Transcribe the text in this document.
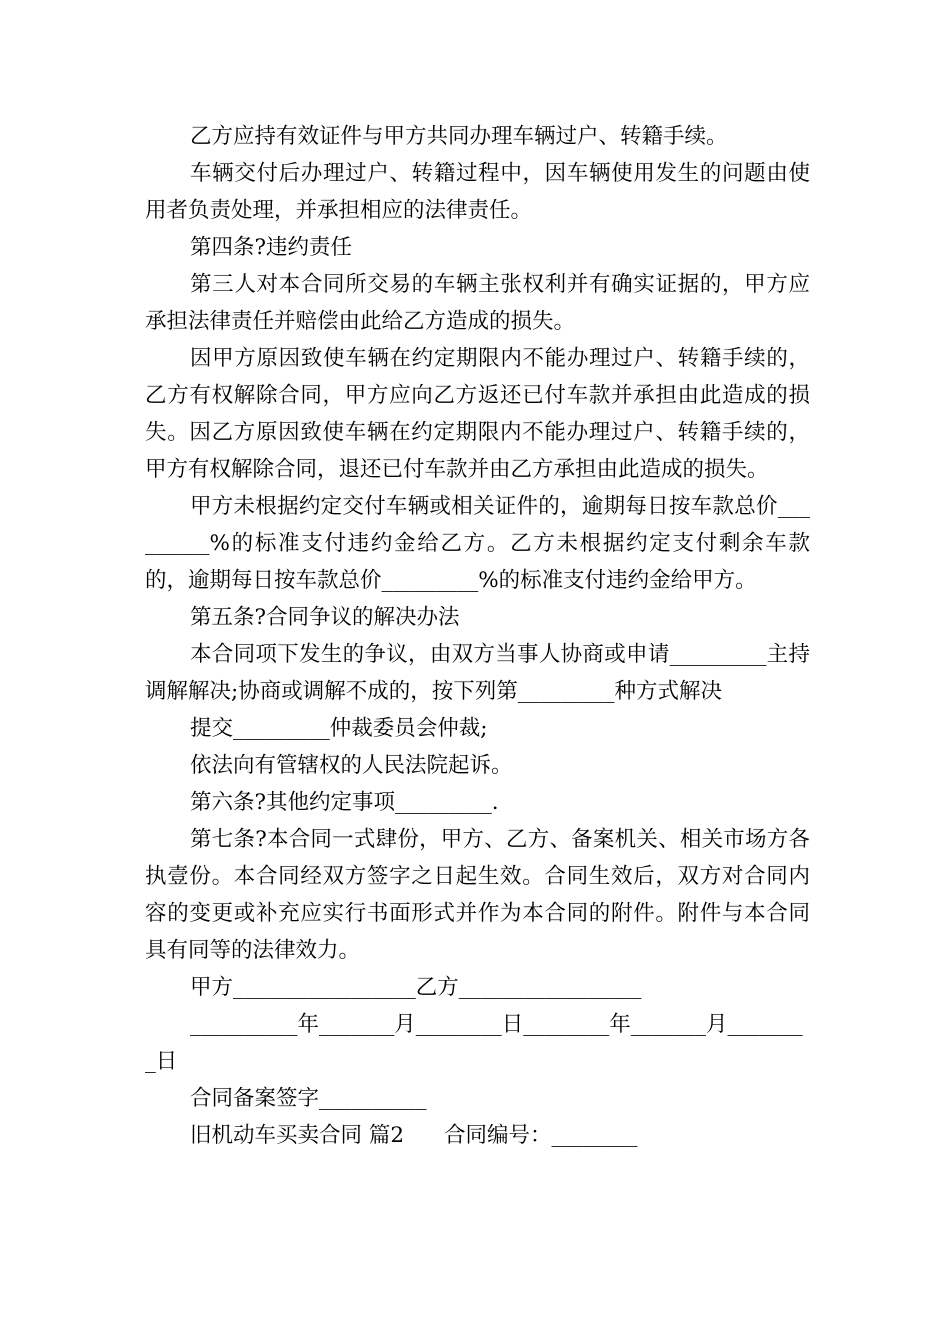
乙方应持有效证件与甲方共同办理车辆过户、转籍手续。

车辆交付后办理过户、转籍过程中，因车辆使用发生的问题由使用者负责处理，并承担相应的法律责任。

第四条?违约责任

第三人对本合同所交易的车辆主张权利并有确实证据的，甲方应承担法律责任并赔偿由此给乙方造成的损失。

因甲方原因致使车辆在约定期限内不能办理过户、转籍手续的，乙方有权解除合同，甲方应向乙方返还已付车款并承担由此造成的损失。因乙方原因致使车辆在约定期限内不能办理过户、转籍手续的，甲方有权解除合同，退还已付车款并由乙方承担由此造成的损失。

甲方未根据约定交付车辆或相关证件的，逾期每日按车款总价_________%的标准支付违约金给乙方。乙方未根据约定支付剩余车款的，逾期每日按车款总价_________%的标准支付违约金给甲方。

第五条?合同争议的解决办法

本合同项下发生的争议，由双方当事人协商或申请_________主持调解解决;协商或调解不成的，按下列第_________种方式解决

提交_________仲裁委员会仲裁;

依法向有管辖权的人民法院起诉。

第六条?其他约定事项_________.

第七条?本合同一式肆份，甲方、乙方、备案机关、相关市场方各执壹份。本合同经双方签字之日起生效。合同生效后，双方对合同内容的变更或补充应实行书面形式并作为本合同的附件。附件与本合同具有同等的法律效力。

甲方_________________乙方_________________

__________年_______月________日________年_______月________日

合同备案签字__________

旧机动车买卖合同 篇2 合同编号：________
